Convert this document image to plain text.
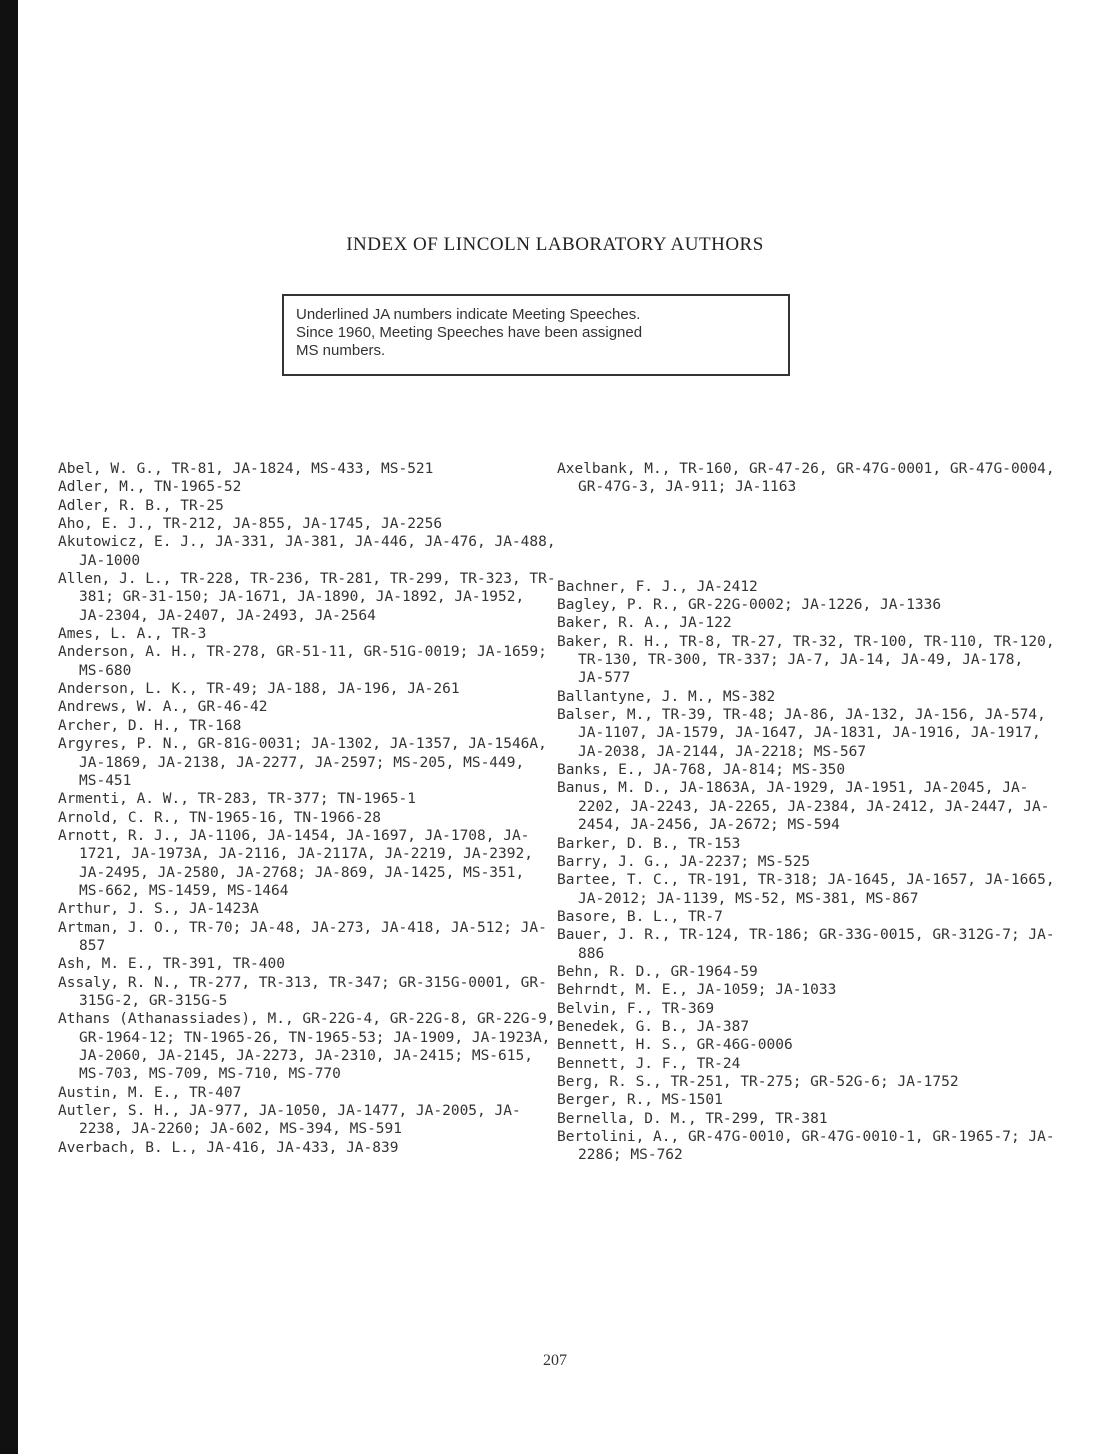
INDEX OF LINCOLN LABORATORY AUTHORS
Underlined JA numbers indicate Meeting Speeches.
Since 1960, Meeting Speeches have been assigned
MS numbers.
Abel, W. G., TR-81, JA-1824, MS-433, MS-521
Adler, M., TN-1965-52
Adler, R. B., TR-25
Aho, E. J., TR-212, JA-855, JA-1745, JA-2256
Akutowicz, E. J., JA-331, JA-381, JA-446, JA-476, JA-488, JA-1000
Allen, J. L., TR-228, TR-236, TR-281, TR-299, TR-323, TR-381; GR-31-150; JA-1671, JA-1890, JA-1892, JA-1952, JA-2304, JA-2407, JA-2493, JA-2564
Ames, L. A., TR-3
Anderson, A. H., TR-278, GR-51-11, GR-51G-0019; JA-1659; MS-680
Anderson, L. K., TR-49; JA-188, JA-196, JA-261
Andrews, W. A., GR-46-42
Archer, D. H., TR-168
Argyres, P. N., GR-81G-0031; JA-1302, JA-1357, JA-1546A, JA-1869, JA-2138, JA-2277, JA-2597; MS-205, MS-449, MS-451
Armenti, A. W., TR-283, TR-377; TN-1965-1
Arnold, C. R., TN-1965-16, TN-1966-28
Arnott, R. J., JA-1106, JA-1454, JA-1697, JA-1708, JA-1721, JA-1973A, JA-2116, JA-2117A, JA-2219, JA-2392, JA-2495, JA-2580, JA-2768; JA-869, JA-1425, MS-351, MS-662, MS-1459, MS-1464
Arthur, J. S., JA-1423A
Artman, J. O., TR-70; JA-48, JA-273, JA-418, JA-512; JA-857
Ash, M. E., TR-391, TR-400
Assaly, R. N., TR-277, TR-313, TR-347; GR-315G-0001, GR-315G-2, GR-315G-5
Athans (Athanassiades), M., GR-22G-4, GR-22G-8, GR-22G-9, GR-1964-12; TN-1965-26, TN-1965-53; JA-1909, JA-1923A, JA-2060, JA-2145, JA-2273, JA-2310, JA-2415; MS-615, MS-703, MS-709, MS-710, MS-770
Austin, M. E., TR-407
Autler, S. H., JA-977, JA-1050, JA-1477, JA-2005, JA-2238, JA-2260; JA-602, MS-394, MS-591
Averbach, B. L., JA-416, JA-433, JA-839
Axelbank, M., TR-160, GR-47-26, GR-47G-0001, GR-47G-0004, GR-47G-3, JA-911; JA-1163
Bachner, F. J., JA-2412
Bagley, P. R., GR-22G-0002; JA-1226, JA-1336
Baker, R. A., JA-122
Baker, R. H., TR-8, TR-27, TR-32, TR-100, TR-110, TR-120, TR-130, TR-300, TR-337; JA-7, JA-14, JA-49, JA-178, JA-577
Ballantyne, J. M., MS-382
Balser, M., TR-39, TR-48; JA-86, JA-132, JA-156, JA-574, JA-1107, JA-1579, JA-1647, JA-1831, JA-1916, JA-1917, JA-2038, JA-2144, JA-2218; MS-567
Banks, E., JA-768, JA-814; MS-350
Banus, M. D., JA-1863A, JA-1929, JA-1951, JA-2045, JA-2202, JA-2243, JA-2265, JA-2384, JA-2412, JA-2447, JA-2454, JA-2456, JA-2672; MS-594
Barker, D. B., TR-153
Barry, J. G., JA-2237; MS-525
Bartee, T. C., TR-191, TR-318; JA-1645, JA-1657, JA-1665, JA-2012; JA-1139, MS-52, MS-381, MS-867
Basore, B. L., TR-7
Bauer, J. R., TR-124, TR-186; GR-33G-0015, GR-312G-7; JA-886
Behn, R. D., GR-1964-59
Behrndt, M. E., JA-1059; JA-1033
Belvin, F., TR-369
Benedek, G. B., JA-387
Bennett, H. S., GR-46G-0006
Bennett, J. F., TR-24
Berg, R. S., TR-251, TR-275; GR-52G-6; JA-1752
Berger, R., MS-1501
Bernella, D. M., TR-299, TR-381
Bertolini, A., GR-47G-0010, GR-47G-0010-1, GR-1965-7; JA-2286; MS-762
207
